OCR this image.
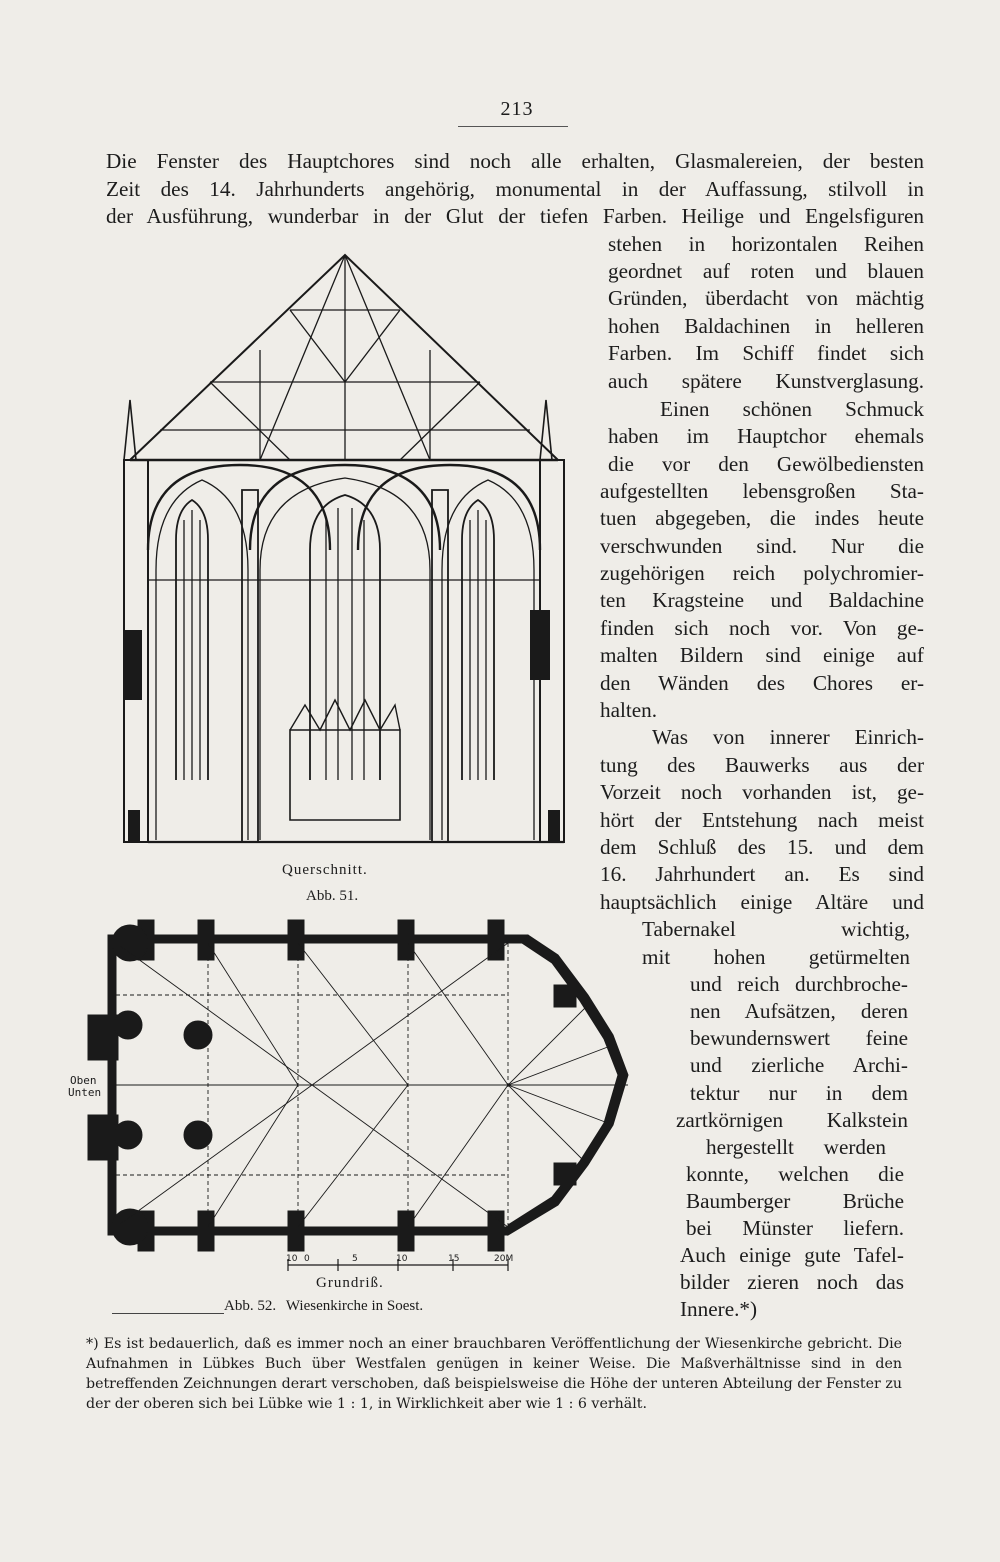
213
Die Fenster des Hauptchores sind noch alle erhalten, Glasmalereien, der besten
Zeit des 14. Jahrhunderts angehörig, monumental in der Auffassung, stilvoll in
der Ausführung, wunderbar in der Glut der tiefen Farben. Heilige und Engelsfiguren
stehen in horizontalen Reihen
geordnet auf roten und blauen
Gründen, überdacht von mächtig
hohen Baldachinen in helleren
Farben. Im Schiff findet sich
auch spätere Kunstverglasung.
Einen schönen Schmuck
haben im Hauptchor ehemals
die vor den Gewölbediensten
aufgestellten lebensgroßen Sta-
tuen abgegeben, die indes heute
verschwunden sind. Nur die
zugehörigen reich polychromier-
ten Kragsteine und Baldachine
finden sich noch vor. Von ge-
malten Bildern sind einige auf
den Wänden des Chores er-
halten.
Was von innerer Einrich-
tung des Bauwerks aus der
Vorzeit noch vorhanden ist, ge-
hört der Entstehung nach meist
dem Schluß des 15. und dem
16. Jahrhundert an. Es sind
hauptsächlich einige Altäre und
Tabernakel wichtig,
mit hohen getürmelten
und reich durchbroche-
nen Aufsätzen, deren
bewundernswert feine
und zierliche Archi-
tektur nur in dem
zartkörnigen Kalkstein
hergestellt werden
konnte, welchen die
Baumberger Brüche
bei Münster liefern.
Auch einige gute Tafel-
bilder zieren noch das
Innere.*)
Querschnitt.
Abb. 51.
Oben
Unten
10 0	5	10	15	20M
Grundriß.
Abb. 52. Wiesenkirche in Soest.
*) Es ist bedauerlich, daß es immer noch an einer brauchbaren Veröffentlichung der Wiesenkirche gebricht. Die Aufnahmen in Lübkes Buch über Westfalen genügen in keiner Weise. Die Maßverhältnisse sind in den betreffenden Zeichnungen derart verschoben, daß beispielsweise die Höhe der unteren Abteilung der Fenster zu der der oberen sich bei Lübke wie 1 : 1, in Wirklichkeit aber wie 1 : 6 verhält.
